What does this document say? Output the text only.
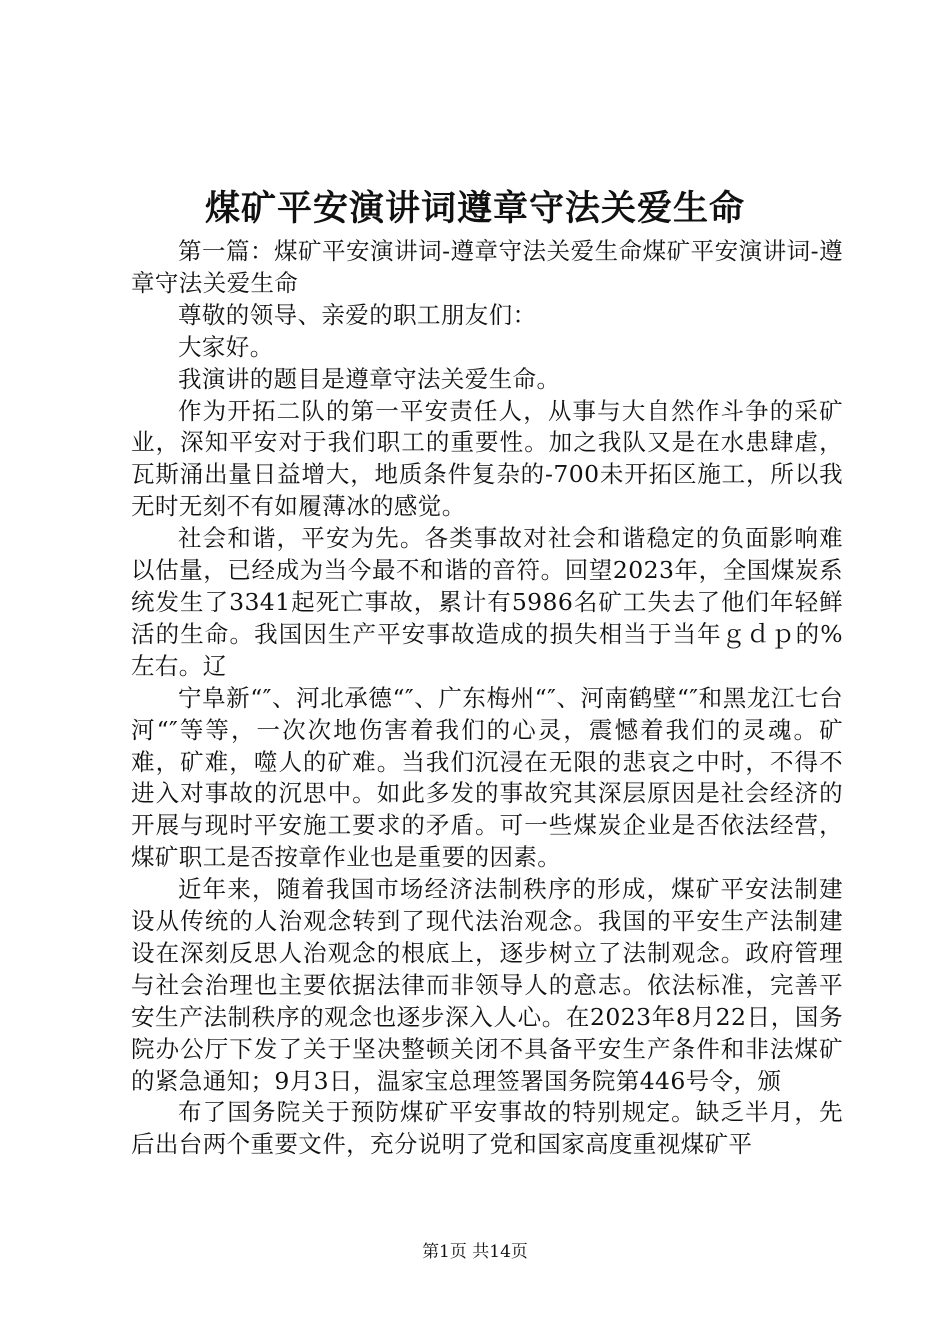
煤矿平安演讲词遵章守法关爱生命

第一篇：煤矿平安演讲词-遵章守法关爱生命煤矿平安演讲词-遵章守法关爱生命

尊敬的领导、亲爱的职工朋友们：

大家好。

我演讲的题目是遵章守法关爱生命。

作为开拓二队的第一平安责任人，从事与大自然作斗争的采矿业，深知平安对于我们职工的重要性。加之我队又是在水患肆虐，瓦斯涌出量日益增大，地质条件复杂的-700未开拓区施工，所以我无时无刻不有如履薄冰的感觉。

社会和谐，平安为先。各类事故对社会和谐稳定的负面影响难以估量，已经成为当今最不和谐的音符。回望2023年，全国煤炭系统发生了3341起死亡事故，累计有5986名矿工失去了他们年轻鲜活的生命。我国因生产平安事故造成的损失相当于当年ｇｄｐ的%左右。辽

宁阜新“″、河北承德“″、广东梅州“″、河南鹤壁“″和黑龙江七台河“″等等，一次次地伤害着我们的心灵，震憾着我们的灵魂。矿难，矿难，噬人的矿难。当我们沉浸在无限的悲哀之中时，不得不进入对事故的沉思中。如此多发的事故究其深层原因是社会经济的开展与现时平安施工要求的矛盾。可一些煤炭企业是否依法经营，煤矿职工是否按章作业也是重要的因素。

近年来，随着我国市场经济法制秩序的形成，煤矿平安法制建设从传统的人治观念转到了现代法治观念。我国的平安生产法制建设在深刻反思人治观念的根底上，逐步树立了法制观念。政府管理与社会治理也主要依据法律而非领导人的意志。依法标准，完善平安生产法制秩序的观念也逐步深入人心。在2023年8月22日，国务院办公厅下发了关于坚决整顿关闭不具备平安生产条件和非法煤矿的紧急通知；9月3日，温家宝总理签署国务院第446号令，颁

布了国务院关于预防煤矿平安事故的特别规定。缺乏半月，先后出台两个重要文件，充分说明了党和国家高度重视煤矿平

第1页 共14页
